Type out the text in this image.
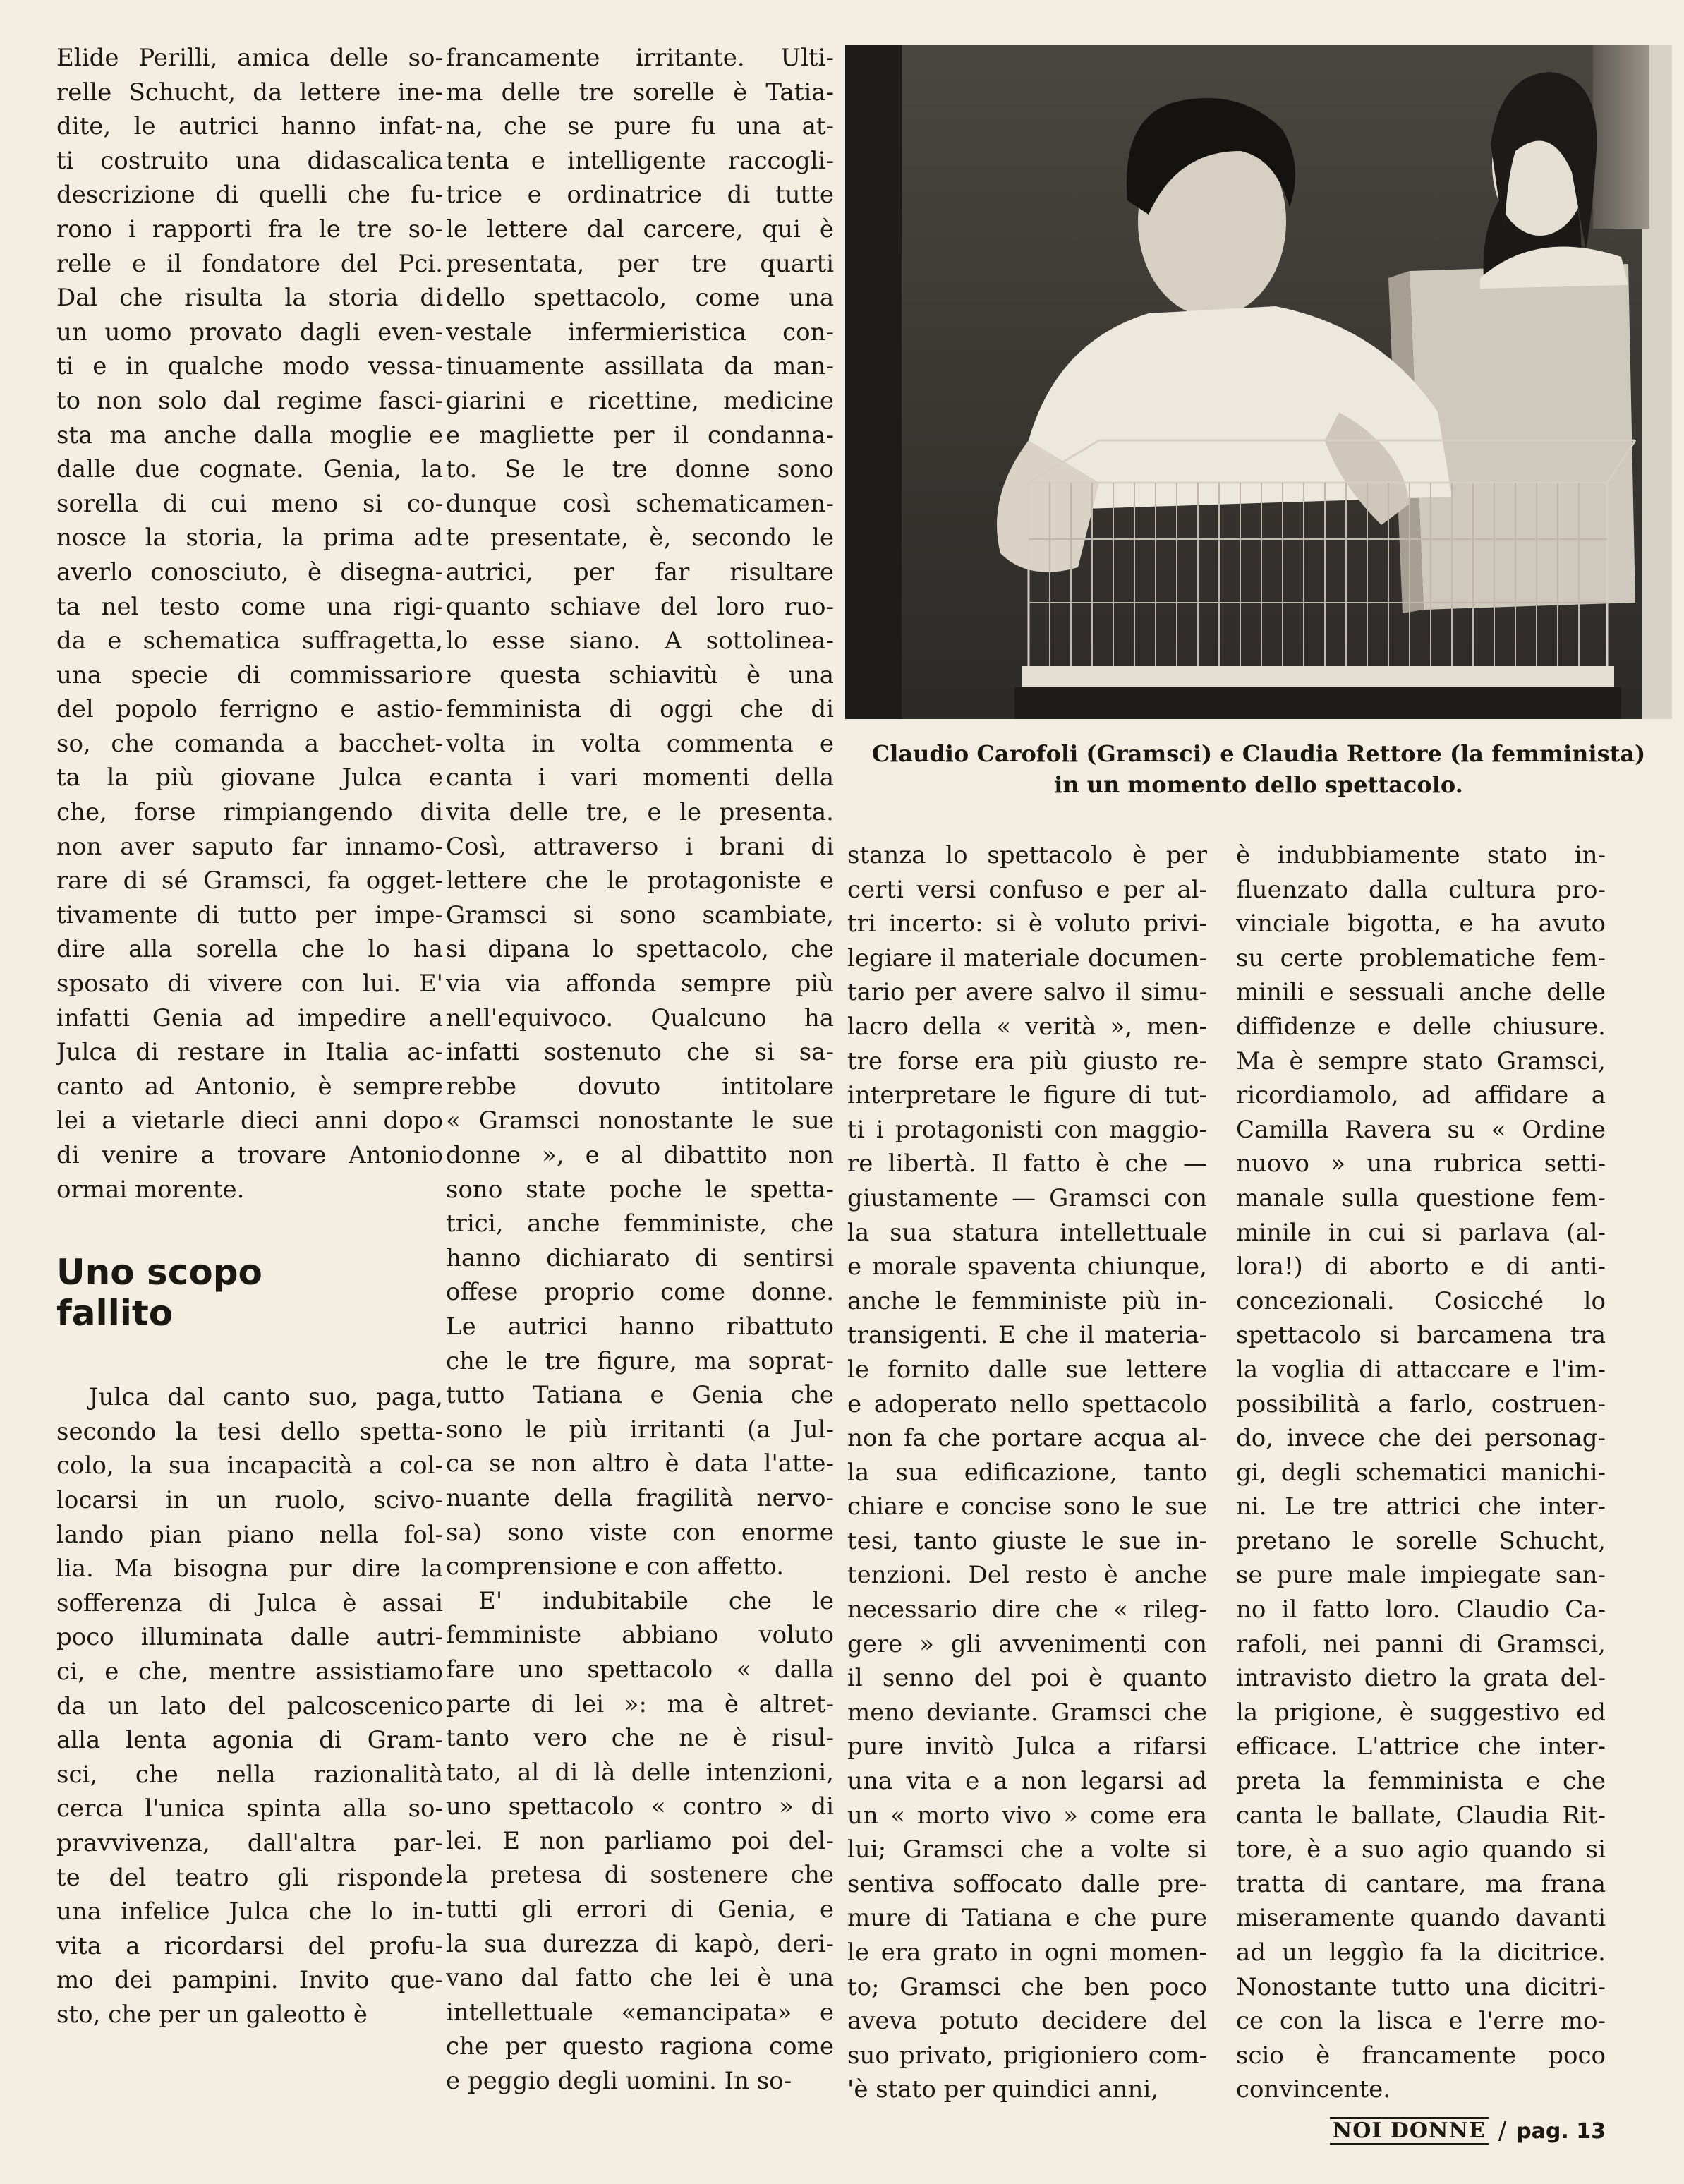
Elide Perilli, amica delle so-
relle Schucht, da lettere ine-
dite, le autrici hanno infat-
ti costruito una didascalica
descrizione di quelli che fu-
rono i rapporti fra le tre so-
relle e il fondatore del Pci.
Dal che risulta la storia di
un uomo provato dagli even-
ti e in qualche modo vessa-
to non solo dal regime fasci-
sta ma anche dalla moglie e
dalle due cognate. Genia, la
sorella di cui meno si co-
nosce la storia, la prima ad
averlo conosciuto, è disegna-
ta nel testo come una rigi-
da e schematica suffragetta,
una specie di commissario
del popolo ferrigno e astio-
so, che comanda a bacchet-
ta la più giovane Julca e
che, forse rimpiangendo di
non aver saputo far innamo-
rare di sé Gramsci, fa ogget-
tivamente di tutto per impe-
dire alla sorella che lo ha
sposato di vivere con lui. E'
infatti Genia ad impedire a
Julca di restare in Italia ac-
canto ad Antonio, è sempre
lei a vietarle dieci anni dopo
di venire a trovare Antonio
ormai morente.
Uno scopo
fallito
Julca dal canto suo, paga,
secondo la tesi dello spetta-
colo, la sua incapacità a col-
locarsi in un ruolo, scivo-
lando pian piano nella fol-
lia. Ma bisogna pur dire la
sofferenza di Julca è assai
poco illuminata dalle autri-
ci, e che, mentre assistiamo
da un lato del palcoscenico
alla lenta agonia di Gram-
sci, che nella razionalità
cerca l'unica spinta alla so-
pravvivenza, dall'altra par-
te del teatro gli risponde
una infelice Julca che lo in-
vita a ricordarsi del profu-
mo dei pampini. Invito que-
sto, che per un galeotto è
francamente irritante. Ulti-
ma delle tre sorelle è Tatia-
na, che se pure fu una at-
tenta e intelligente raccogli-
trice e ordinatrice di tutte
le lettere dal carcere, qui è
presentata, per tre quarti
dello spettacolo, come una
vestale infermieristica con-
tinuamente assillata da man-
giarini e ricettine, medicine
e magliette per il condanna-
to. Se le tre donne sono
dunque così schematicamen-
te presentate, è, secondo le
autrici, per far risultare
quanto schiave del loro ruo-
lo esse siano. A sottolinea-
re questa schiavitù è una
femminista di oggi che di
volta in volta commenta e
canta i vari momenti della
vita delle tre, e le presenta.
Così, attraverso i brani di
lettere che le protagoniste e
Gramsci si sono scambiate,
si dipana lo spettacolo, che
via via affonda sempre più
nell'equivoco. Qualcuno ha
infatti sostenuto che si sa-
rebbe dovuto intitolare
« Gramsci nonostante le sue
donne », e al dibattito non
sono state poche le spetta-
trici, anche femministe, che
hanno dichiarato di sentirsi
offese proprio come donne.
Le autrici hanno ribattuto
che le tre figure, ma soprat-
tutto Tatiana e Genia che
sono le più irritanti (a Jul-
ca se non altro è data l'atte-
nuante della fragilità nervo-
sa) sono viste con enorme
comprensione e con affetto.
E' indubitabile che le
femministe abbiano voluto
fare uno spettacolo « dalla
parte di lei »: ma è altret-
tanto vero che ne è risul-
tato, al di là delle intenzioni,
uno spettacolo « contro » di
lei. E non parliamo poi del-
la pretesa di sostenere che
tutti gli errori di Genia, e
la sua durezza di kapò, deri-
vano dal fatto che lei è una
intellettuale «emancipata» e
che per questo ragiona come
e peggio degli uomini. In so-
Claudio Carofoli (Gramsci) e Claudia Rettore (la femminista)
in un momento dello spettacolo.
stanza lo spettacolo è per
certi versi confuso e per al-
tri incerto: si è voluto privi-
legiare il materiale documen-
tario per avere salvo il simu-
lacro della « verità », men-
tre forse era più giusto re-
interpretare le figure di tut-
ti i protagonisti con maggio-
re libertà. Il fatto è che —
giustamente — Gramsci con
la sua statura intellettuale
e morale spaventa chiunque,
anche le femministe più in-
transigenti. E che il materia-
le fornito dalle sue lettere
e adoperato nello spettacolo
non fa che portare acqua al-
la sua edificazione, tanto
chiare e concise sono le sue
tesi, tanto giuste le sue in-
tenzioni. Del resto è anche
necessario dire che « rileg-
gere » gli avvenimenti con
il senno del poi è quanto
meno deviante. Gramsci che
pure invitò Julca a rifarsi
una vita e a non legarsi ad
un « morto vivo » come era
lui; Gramsci che a volte si
sentiva soffocato dalle pre-
mure di Tatiana e che pure
le era grato in ogni momen-
to; Gramsci che ben poco
aveva potuto decidere del
suo privato, prigioniero com-
'è stato per quindici anni,
è indubbiamente stato in-
fluenzato dalla cultura pro-
vinciale bigotta, e ha avuto
su certe problematiche fem-
minili e sessuali anche delle
diffidenze e delle chiusure.
Ma è sempre stato Gramsci,
ricordiamolo, ad affidare a
Camilla Ravera su « Ordine
nuovo » una rubrica setti-
manale sulla questione fem-
minile in cui si parlava (al-
lora!) di aborto e di anti-
concezionali. Cosicché lo
spettacolo si barcamena tra
la voglia di attaccare e l'im-
possibilità a farlo, costruen-
do, invece che dei personag-
gi, degli schematici manichi-
ni. Le tre attrici che inter-
pretano le sorelle Schucht,
se pure male impiegate san-
no il fatto loro. Claudio Ca-
rafoli, nei panni di Gramsci,
intravisto dietro la grata del-
la prigione, è suggestivo ed
efficace. L'attrice che inter-
preta la femminista e che
canta le ballate, Claudia Rit-
tore, è a suo agio quando si
tratta di cantare, ma frana
miseramente quando davanti
ad un leggìo fa la dicitrice.
Nonostante tutto una dicitri-
ce con la lisca e l'erre mo-
scio è francamente poco
convincente.
NOI DONNE / pag. 13
